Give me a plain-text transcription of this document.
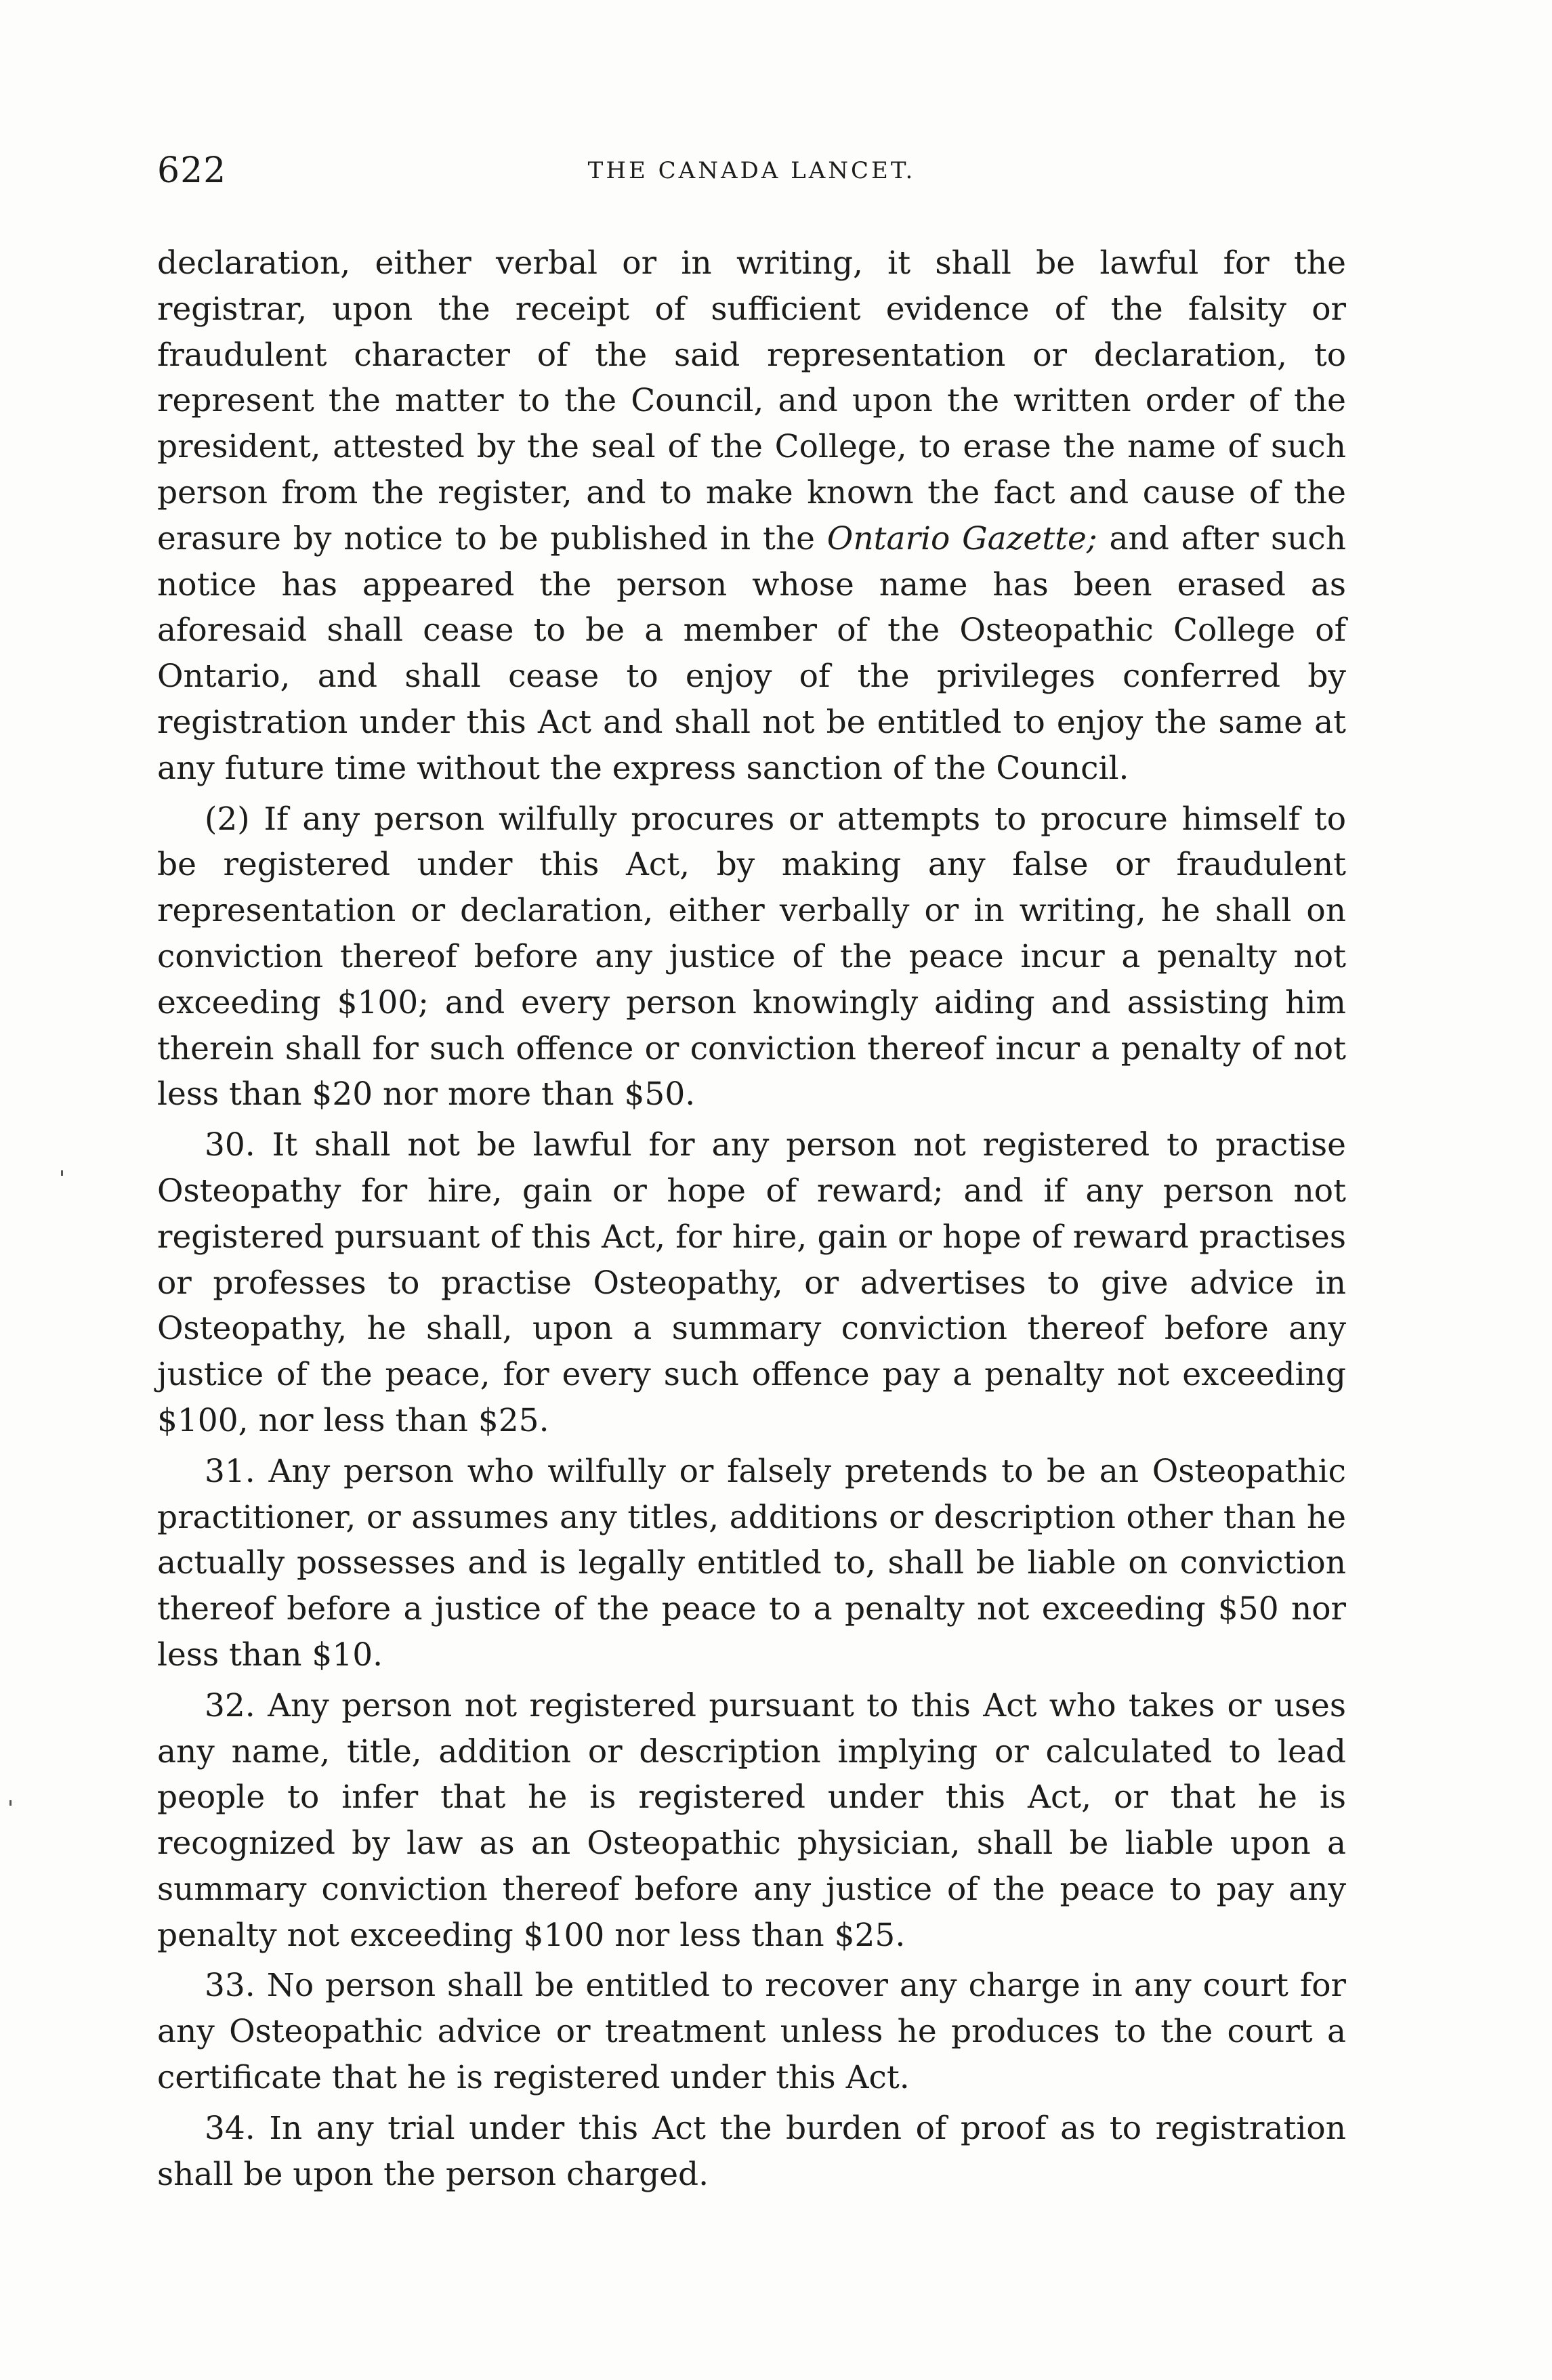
622	THE CANADA LANCET.

declaration, either verbal or in writing, it shall be lawful for the registrar, upon the receipt of sufficient evidence of the falsity or fraudulent character of the said representation or declaration, to represent the matter to the Council, and upon the written order of the president, attested by the seal of the College, to erase the name of such person from the register, and to make known the fact and cause of the erasure by notice to be published in the Ontario Gazette; and after such notice has appeared the person whose name has been erased as aforesaid shall cease to be a member of the Osteopathic College of Ontario, and shall cease to enjoy of the privileges conferred by registration under this Act and shall not be entitled to enjoy the same at any future time without the express sanction of the Council.

(2) If any person wilfully procures or attempts to procure himself to be registered under this Act, by making any false or fraudulent representation or declaration, either verbally or in writing, he shall on conviction thereof before any justice of the peace incur a penalty not exceeding $100; and every person knowingly aiding and assisting him therein shall for such offence or conviction thereof incur a penalty of not less than $20 nor more than $50.

30. It shall not be lawful for any person not registered to practise Osteopathy for hire, gain or hope of reward; and if any person not registered pursuant of this Act, for hire, gain or hope of reward practises or professes to practise Osteopathy, or advertises to give advice in Osteopathy, he shall, upon a summary conviction thereof before any justice of the peace, for every such offence pay a penalty not exceeding $100, nor less than $25.

31. Any person who wilfully or falsely pretends to be an Osteopathic practitioner, or assumes any titles, additions or description other than he actually possesses and is legally entitled to, shall be liable on conviction thereof before a justice of the peace to a penalty not exceeding $50 nor less than $10.

32. Any person not registered pursuant to this Act who takes or uses any name, title, addition or description implying or calculated to lead people to infer that he is registered under this Act, or that he is recognized by law as an Osteopathic physician, shall be liable upon a summary conviction thereof before any justice of the peace to pay any penalty not exceeding $100 nor less than $25.

33. No person shall be entitled to recover any charge in any court for any Osteopathic advice or treatment unless he produces to the court a certificate that he is registered under this Act.

34. In any trial under this Act the burden of proof as to registration shall be upon the person charged.
